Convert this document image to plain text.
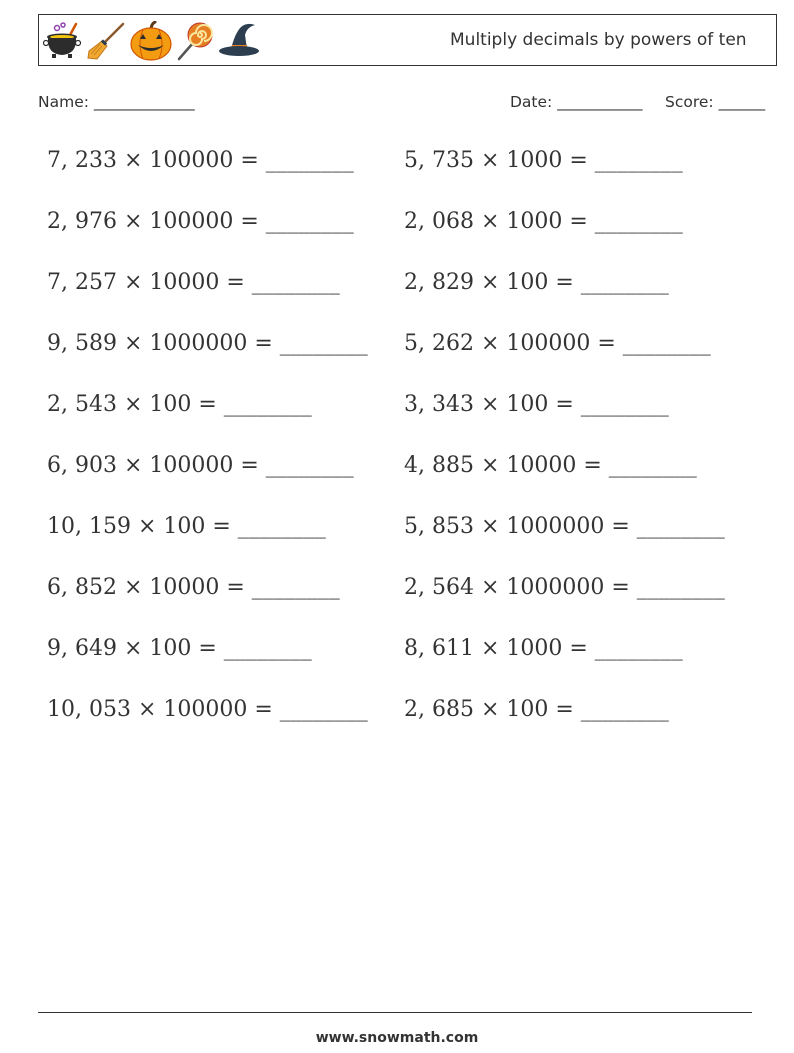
Multiply decimals by powers of ten
Name: _____________	Date: ___________ Score: ______
7, 233 × 100000 = ________
2, 976 × 100000 = ________
7, 257 × 10000 = ________
9, 589 × 1000000 = ________
2, 543 × 100 = ________
6, 903 × 100000 = ________
10, 159 × 100 = ________
6, 852 × 10000 = ________
9, 649 × 100 = ________
10, 053 × 100000 = ________
5, 735 × 1000 = ________
2, 068 × 1000 = ________
2, 829 × 100 = ________
5, 262 × 100000 = ________
3, 343 × 100 = ________
4, 885 × 10000 = ________
5, 853 × 1000000 = ________
2, 564 × 1000000 = ________
8, 611 × 1000 = ________
2, 685 × 100 = ________
www.snowmath.com
